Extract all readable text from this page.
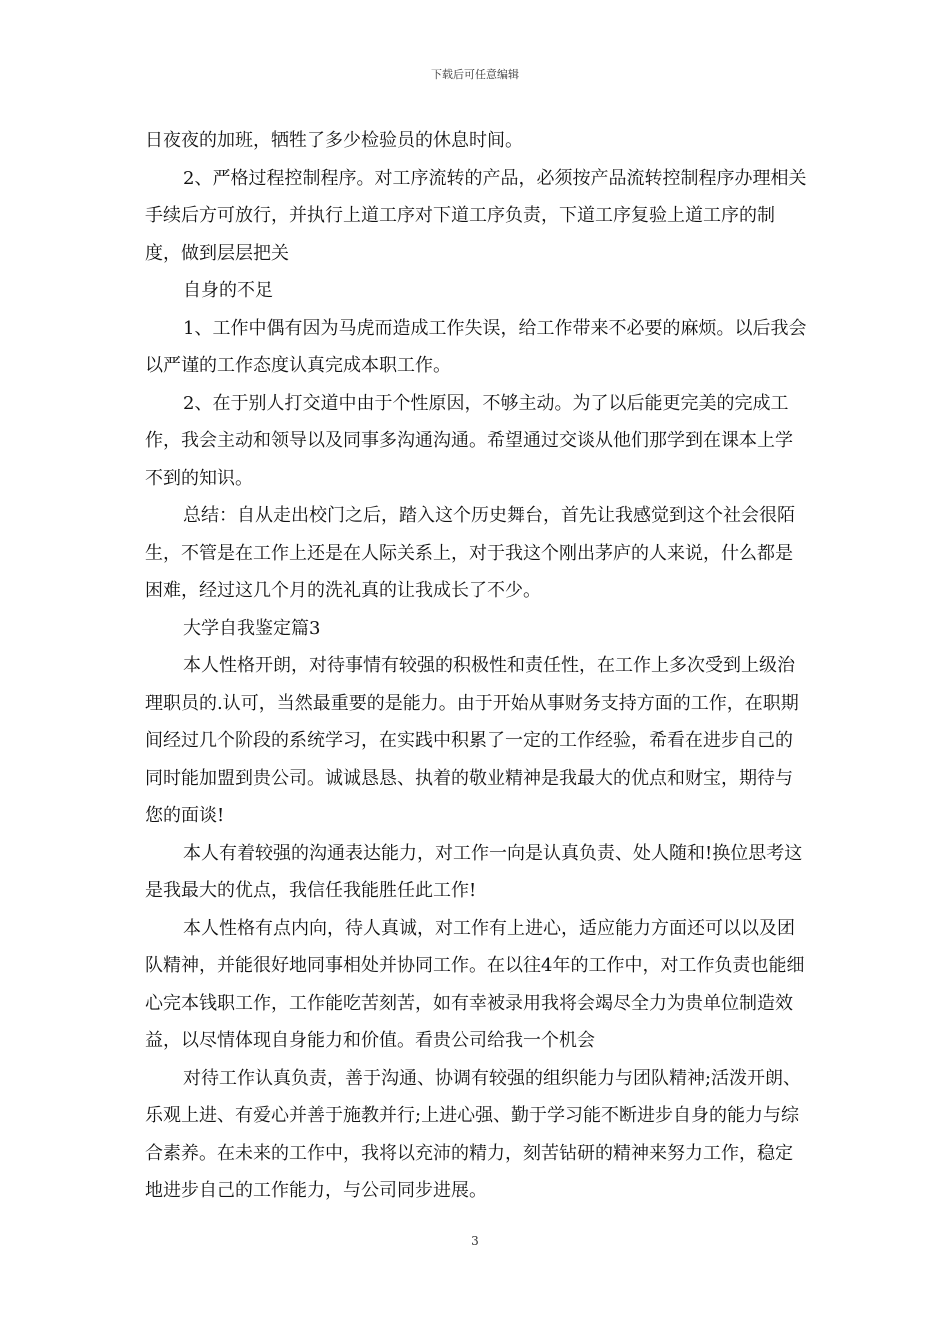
下载后可任意编辑

日夜夜的加班，牺牲了多少检验员的休息时间。

2、严格过程控制程序。对工序流转的产品，必须按产品流转控制程序办理相关手续后方可放行，并执行上道工序对下道工序负责，下道工序复验上道工序的制度，做到层层把关

自身的不足

1、工作中偶有因为马虎而造成工作失误，给工作带来不必要的麻烦。以后我会以严谨的工作态度认真完成本职工作。

2、在于别人打交道中由于个性原因，不够主动。为了以后能更完美的完成工作，我会主动和领导以及同事多沟通沟通。希望通过交谈从他们那学到在课本上学不到的知识。

总结：自从走出校门之后，踏入这个历史舞台，首先让我感觉到这个社会很陌生，不管是在工作上还是在人际关系上，对于我这个刚出茅庐的人来说，什么都是困难，经过这几个月的洗礼真的让我成长了不少。

大学自我鉴定篇3

本人性格开朗，对待事情有较强的积极性和责任性，在工作上多次受到上级治理职员的.认可，当然最重要的是能力。由于开始从事财务支持方面的工作，在职期间经过几个阶段的系统学习，在实践中积累了一定的工作经验，希看在进步自己的同时能加盟到贵公司。诚诚恳恳、执着的敬业精神是我最大的优点和财宝，期待与您的面谈!

本人有着较强的沟通表达能力，对工作一向是认真负责、处人随和!换位思考这是我最大的优点，我信任我能胜任此工作!

本人性格有点内向，待人真诚，对工作有上进心，适应能力方面还可以以及团队精神，并能很好地同事相处并协同工作。在以往4年的工作中，对工作负责也能细心完本钱职工作，工作能吃苦刻苦，如有幸被录用我将会竭尽全力为贵单位制造效益，以尽情体现自身能力和价值。看贵公司给我一个机会

对待工作认真负责，善于沟通、协调有较强的组织能力与团队精神;活泼开朗、乐观上进、有爱心并善于施教并行;上进心强、勤于学习能不断进步自身的能力与综合素养。在未来的工作中，我将以充沛的精力，刻苦钻研的精神来努力工作，稳定地进步自己的工作能力，与公司同步进展。

3
